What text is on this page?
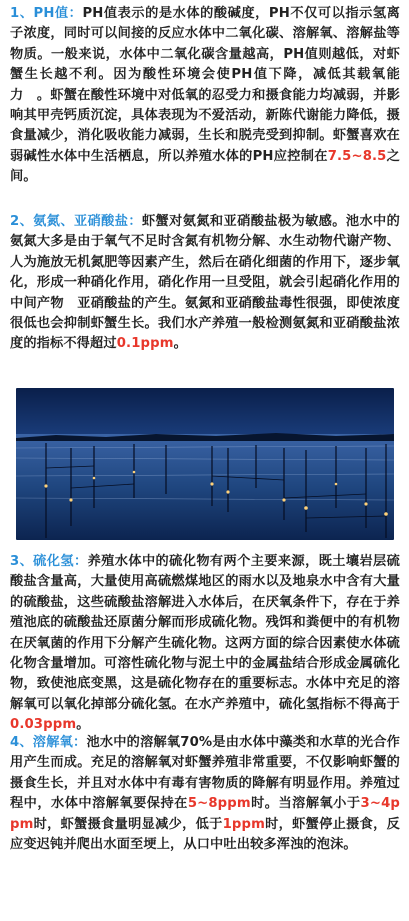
1、PH值：PH值表示的是水体的酸碱度，PH不仅可以指示氢离子浓度，同时可以间接的反应水体中二氧化碳、溶解氧、溶解盐等物质。一般来说，水体中二氧化碳含量越高，PH值则越低，对虾蟹生长越不利。因为酸性环境会使PH值下降，减低其载氧能力　。虾蟹在酸性环境中对低氧的忍受力和摄食能力均减弱，并影响其甲壳钙质沉淀，具体表现为不爱活动，新陈代谢能力降低，摄食量减少，消化吸收能力减弱，生长和脱壳受到抑制。虾蟹喜欢在弱碱性水体中生活栖息，所以养殖水体的PH应控制在7.5~8.5之间。
2、氨氮、亚硝酸盐：虾蟹对氨氮和亚硝酸盐极为敏感。池水中的氨氮大多是由于氧气不足时含氮有机物分解、水生动物代谢产物、人为施放无机氮肥等因素产生，然后在硝化细菌的作用下，逐步氧化，形成一种硝化作用，硝化作用一旦受阻，就会引起硝化作用的中间产物　亚硝酸盐的产生。氨氮和亚硝酸盐毒性很强，即使浓度很低也会抑制虾蟹生长。我们水产养殖一般检测氨氮和亚硝酸盐浓度的指标不得超过0.1ppm。
3、硫化氢：养殖水体中的硫化物有两个主要来源，既土壤岩层硫酸盐含量高，大量使用高硫燃煤地区的雨水以及地泉水中含有大量的硫酸盐，这些硫酸盐溶解进入水体后，在厌氧条件下，存在于养殖池底的硫酸盐还原菌分解而形成硫化物。残饵和粪便中的有机物在厌氧菌的作用下分解产生硫化物。这两方面的综合因素使水体硫化物含量增加。可溶性硫化物与泥土中的金属盐结合形成金属硫化物，致使池底变黑，这是硫化物存在的重要标志。水体中充足的溶解氧可以氧化掉部分硫化氢。在水产养殖中，硫化氢指标不得高于0.03ppm。
4、溶解氧：池水中的溶解氧70%是由水体中藻类和水草的光合作用产生而成。充足的溶解氧对虾蟹养殖非常重要，不仅影响虾蟹的摄食生长，并且对水体中有毒有害物质的降解有明显作用。养殖过程中，水体中溶解氧要保持在5~8ppm时。当溶解氧小于3~4ppm时，虾蟹摄食量明显减少，低于1ppm时，虾蟹停止摄食，反应变迟钝并爬出水面至埂上，从口中吐出较多浑浊的泡沫。
